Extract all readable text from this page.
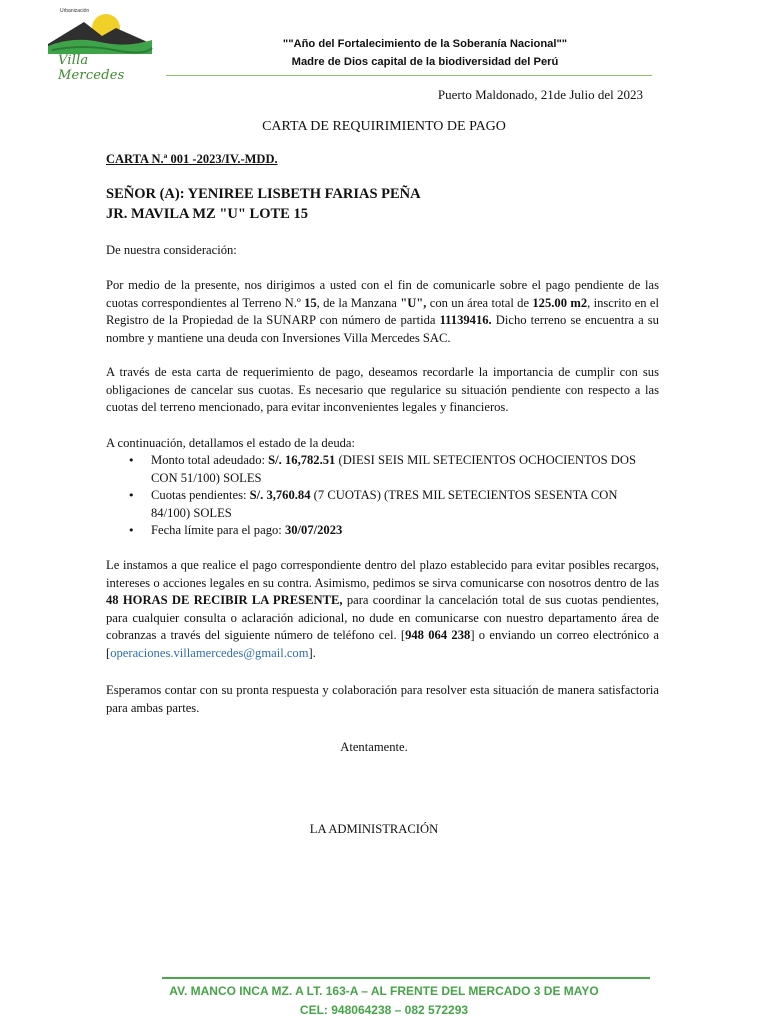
Urbanización
Villa Mercedes
""Año del Fortalecimiento de la Soberanía Nacional""
Madre de Dios capital de la biodiversidad del Perú
Puerto Maldonado, 21de Julio del 2023
CARTA DE REQUIRIMIENTO DE PAGO
CARTA N.ª 001 -2023/IV.-MDD.
SEÑOR (A): YENIREE LISBETH FARIAS PEÑA
JR. MAVILA MZ "U" LOTE 15
De nuestra consideración:
Por medio de la presente, nos dirigimos a usted con el fin de comunicarle sobre el pago pendiente de las cuotas correspondientes al Terreno N.º 15, de la Manzana "U", con un área total de 125.00 m2, inscrito en el Registro de la Propiedad de la SUNARP con número de partida 11139416. Dicho terreno se encuentra a su nombre y mantiene una deuda con Inversiones Villa Mercedes SAC.
A través de esta carta de requerimiento de pago, deseamos recordarle la importancia de cumplir con sus obligaciones de cancelar sus cuotas. Es necesario que regularice su situación pendiente con respecto a las cuotas del terreno mencionado, para evitar inconvenientes legales y financieros.
A continuación, detallamos el estado de la deuda:
• Monto total adeudado: S/. 16,782.51 (DIESI SEIS MIL SETECIENTOS OCHOCIENTOS DOS CON 51/100) SOLES
• Cuotas pendientes: S/. 3,760.84 (7 CUOTAS) (TRES MIL SETECIENTOS SESENTA CON 84/100) SOLES
• Fecha límite para el pago: 30/07/2023
Le instamos a que realice el pago correspondiente dentro del plazo establecido para evitar posibles recargos, intereses o acciones legales en su contra. Asimismo, pedimos se sirva comunicarse con nosotros dentro de las 48 HORAS DE RECIBIR LA PRESENTE, para coordinar la cancelación total de sus cuotas pendientes, para cualquier consulta o aclaración adicional, no dude en comunicarse con nuestro departamento área de cobranzas a través del siguiente número de teléfono cel. [948 064 238] o enviando un correo electrónico a [operaciones.villamercedes@gmail.com].
Esperamos contar con su pronta respuesta y colaboración para resolver esta situación de manera satisfactoria para ambas partes.
Atentamente.
LA ADMINISTRACIÓN
AV. MANCO INCA MZ. A LT. 163-A – AL FRENTE DEL MERCADO 3 DE MAYO
CEL: 948064238 – 082 572293
